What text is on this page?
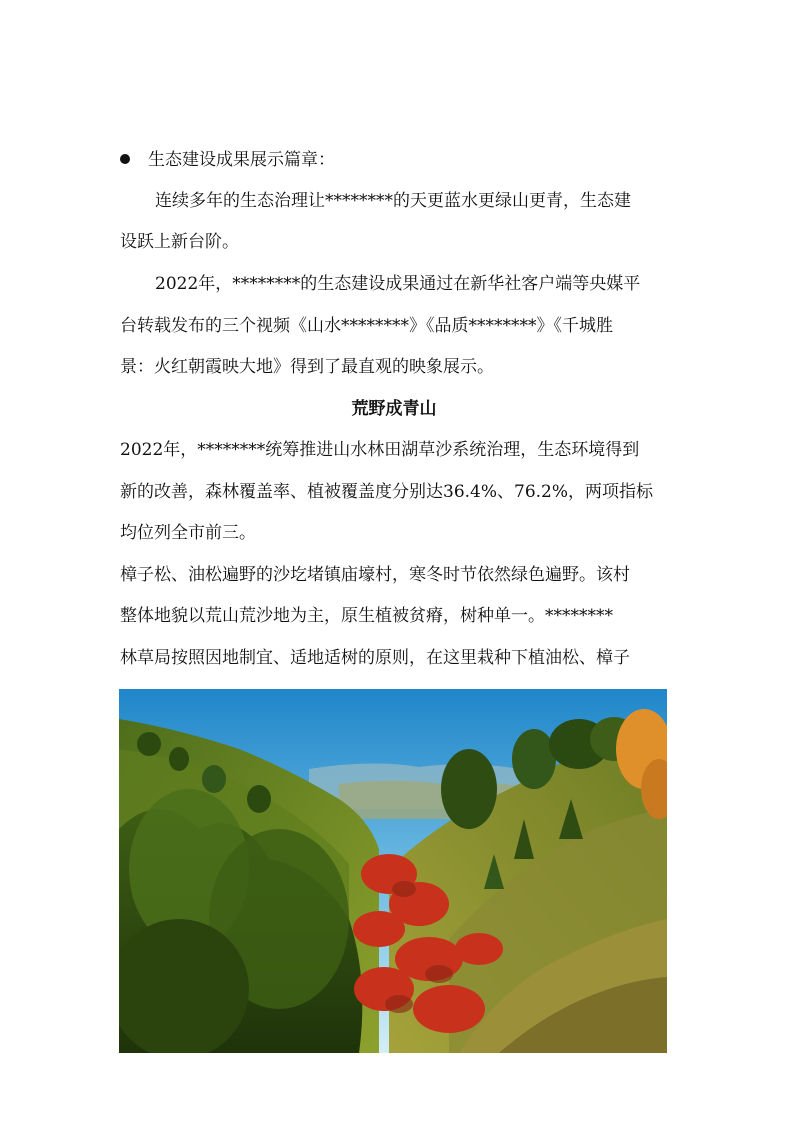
生态建设成果展示篇章：
连续多年的生态治理让********的天更蓝水更绿山更青，生态建
设跃上新台阶。
2022年，********的生态建设成果通过在新华社客户端等央媒平
台转载发布的三个视频《山水********》《品质********》《千城胜
景：火红朝霞映大地》得到了最直观的映象展示。
荒野成青山
2022年，********统筹推进山水林田湖草沙系统治理，生态环境得到
新的改善，森林覆盖率、植被覆盖度分别达36.4%、76.2%，两项指标
均位列全市前三。
樟子松、油松遍野的沙圪堵镇庙壕村，寒冬时节依然绿色遍野。该村
整体地貌以荒山荒沙地为主，原生植被贫瘠，树种单一。********
林草局按照因地制宜、适地适树的原则，在这里栽种下植油松、樟子
